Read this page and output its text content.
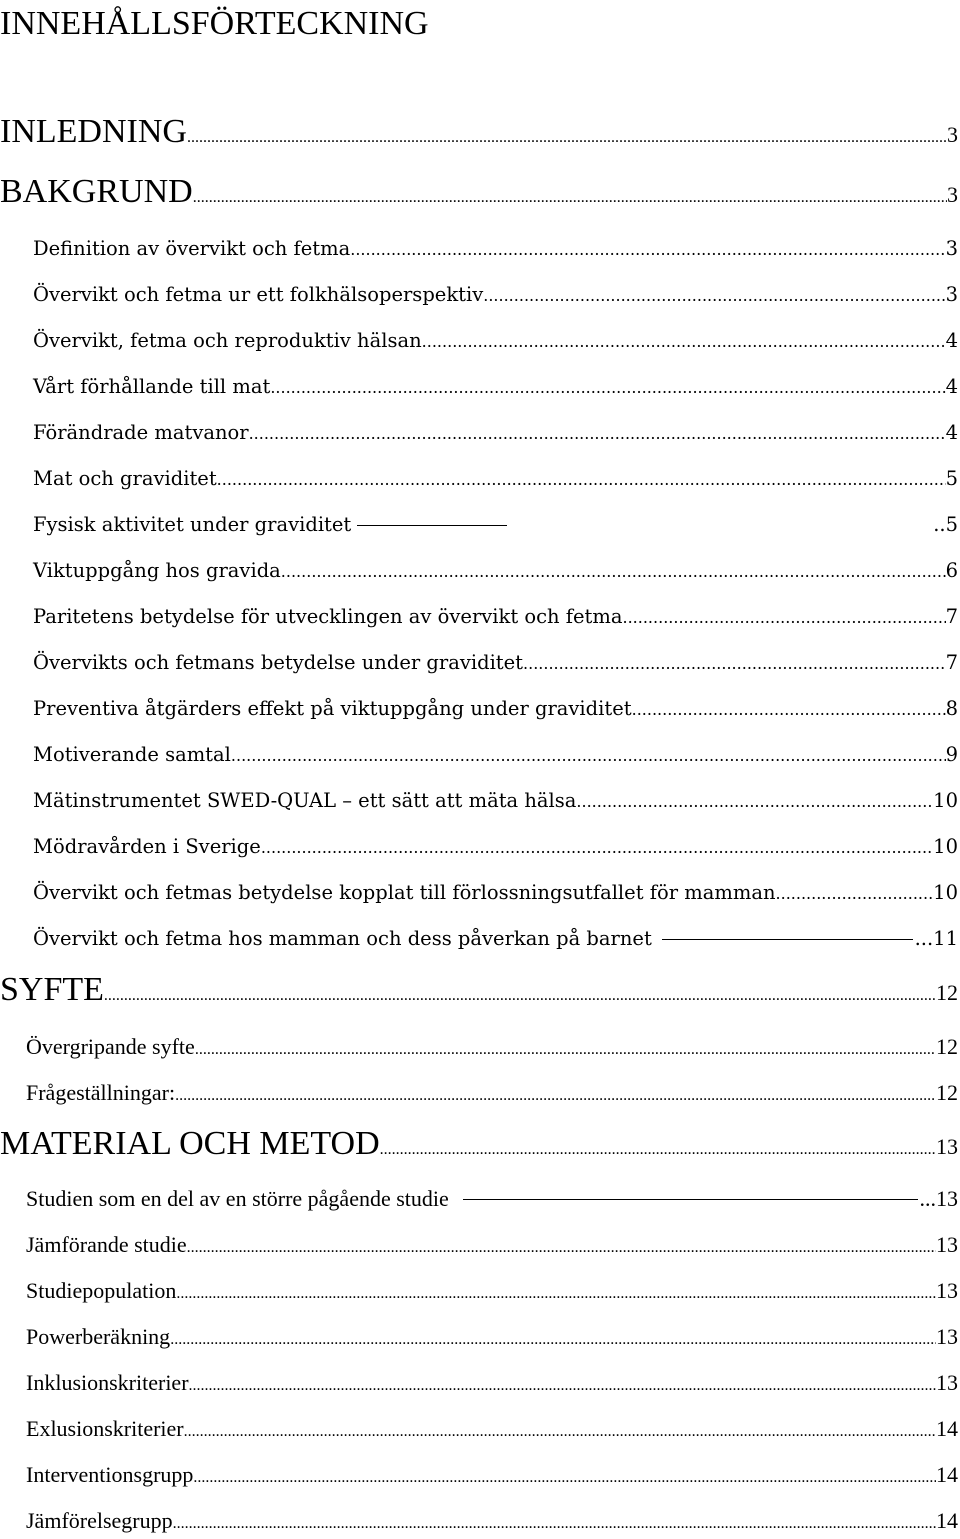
INNEHÅLLSFÖRTECKNING
INLEDNING .....	3
BAKGRUND .....	3
Definition av övervikt och fetma .....	3
Övervikt och fetma ur ett folkhälsoperspektiv .....	3
Övervikt, fetma och reproduktiv hälsan .....	4
Vårt förhållande till mat .....	4
Förändrade matvanor .....	4
Mat och graviditet .....	5
Fysisk aktivitet under graviditet	..5
Viktuppgång hos gravida .....	6
Paritetens betydelse för utvecklingen av övervikt och fetma .....	7
Övervikts och fetmans betydelse under graviditet .....	7
Preventiva åtgärders effekt på viktuppgång under graviditet .....	8
Motiverande samtal .....	9
Mätinstrumentet SWED-QUAL – ett sätt att mäta hälsa .....	10
Mödravården i Sverige .....	10
Övervikt och fetmas betydelse kopplat till förlossningsutfallet för mamman .....	10
Övervikt och fetma hos mamman och dess påverkan på barnet	...11
SYFTE .....	12
Övergripande syfte .....	12
Frågeställningar: .....	12
MATERIAL OCH METOD .....	13
Studien som en del av en större pågående studie	...13
Jämförande studie .....	13
Studiepopulation .....	13
Powerberäkning .....	13
Inklusionskriterier .....	13
Exlusionskriterier .....	14
Interventionsgrupp .....	14
Jämförelsegrupp .....	14
